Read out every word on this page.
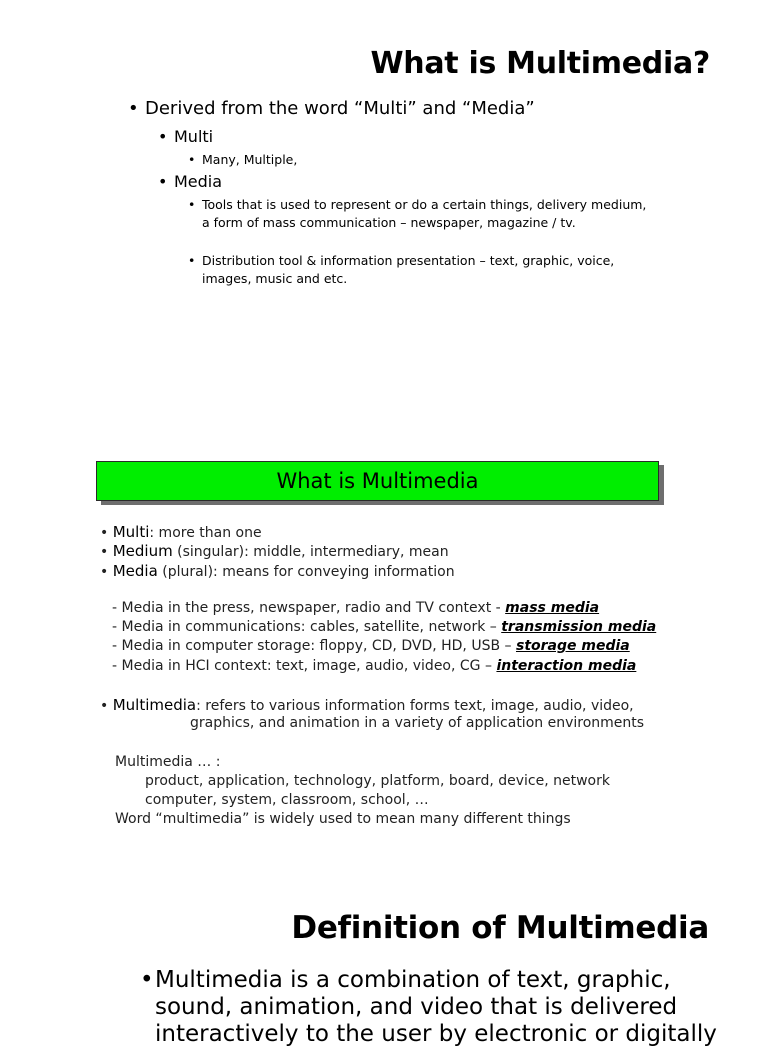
What is Multimedia?
• Derived from the word “Multi” and “Media”
• Multi
• Many, Multiple,
• Media
• Tools that is used to represent or do a certain things, delivery medium, a form of mass communication – newspaper, magazine / tv.
• Distribution tool & information presentation – text, graphic, voice, images, music and etc.
What is Multimedia
• Multi: more than one
• Medium (singular): middle, intermediary, mean
• Media (plural): means for conveying information
- Media in the press, newspaper, radio and TV context - mass media
- Media in communications: cables, satellite, network – transmission media
- Media in computer storage: floppy, CD, DVD, HD, USB – storage media
- Media in HCI context: text, image, audio, video, CG – interaction media
• Multimedia: refers to various information forms text, image, audio, video,
graphics, and animation in a variety of application environments
Multimedia … :
product, application, technology, platform, board, device, network
computer, system, classroom, school, …
Word “multimedia” is widely used to mean many different things
Definition of Multimedia
• Multimedia is a combination of text, graphic,
sound, animation, and video that is delivered
interactively to the user by electronic or digitally
